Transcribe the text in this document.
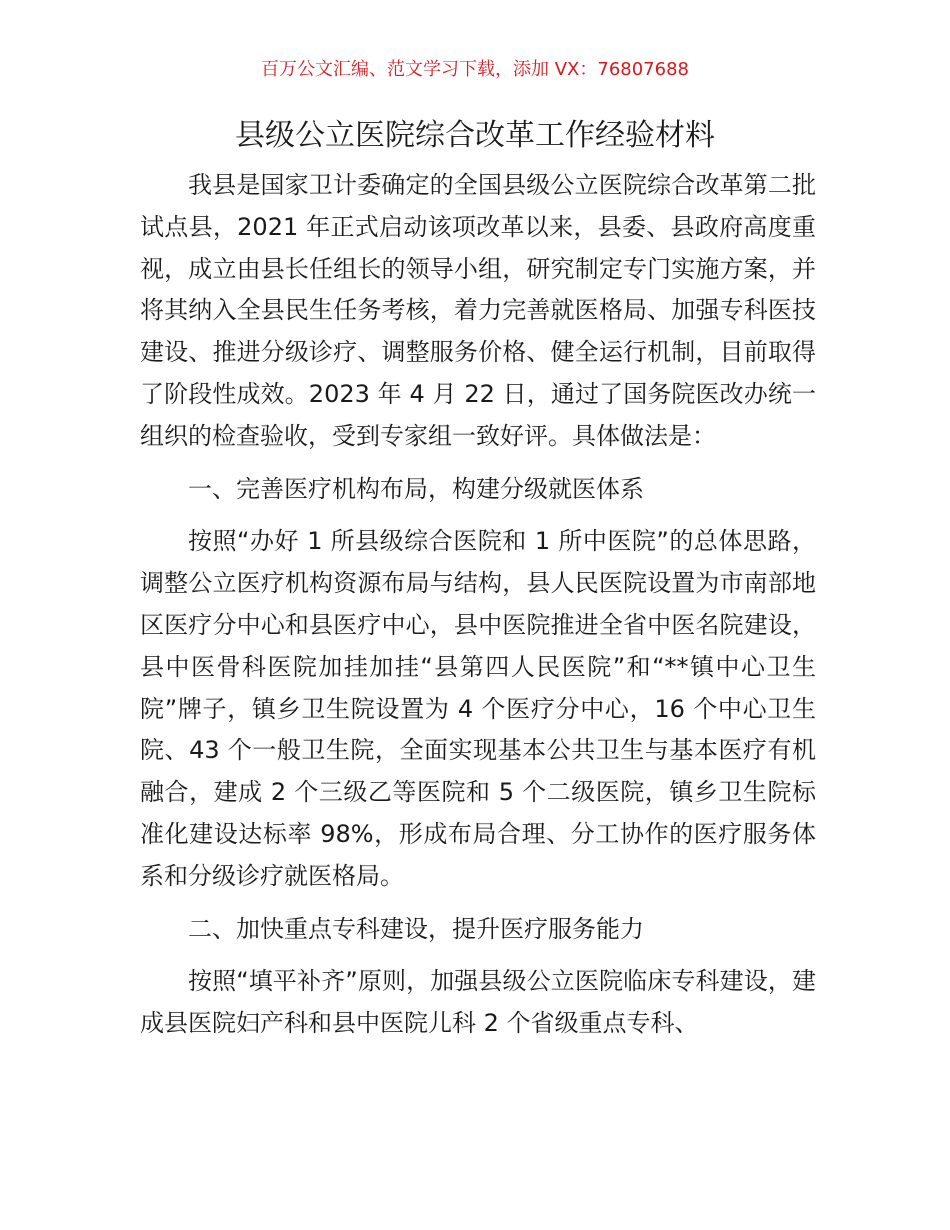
百万公文汇编、范文学习下载，添加 VX：76807688
县级公立医院综合改革工作经验材料

我县是国家卫计委确定的全国县级公立医院综合改革第二批试点县，2021 年正式启动该项改革以来，县委、县政府高度重视，成立由县长任组长的领导小组，研究制定专门实施方案，并将其纳入全县民生任务考核，着力完善就医格局、加强专科医技建设、推进分级诊疗、调整服务价格、健全运行机制，目前取得了阶段性成效。2023 年 4 月 22 日，通过了国务院医改办统一组织的检查验收，受到专家组一致好评。具体做法是：

一、完善医疗机构布局，构建分级就医体系

按照“办好 1 所县级综合医院和 1 所中医院”的总体思路，调整公立医疗机构资源布局与结构，县人民医院设置为市南部地区医疗分中心和县医疗中心，县中医院推进全省中医名院建设，县中医骨科医院加挂加挂“县第四人民医院”和“**镇中心卫生院”牌子，镇乡卫生院设置为 4 个医疗分中心，16 个中心卫生院、43 个一般卫生院，全面实现基本公共卫生与基本医疗有机融合，建成 2 个三级乙等医院和 5 个二级医院，镇乡卫生院标准化建设达标率 98%，形成布局合理、分工协作的医疗服务体系和分级诊疗就医格局。

二、加快重点专科建设，提升医疗服务能力

按照“填平补齐”原则，加强县级公立医院临床专科建设，建成县医院妇产科和县中医院儿科 2 个省级重点专科、
